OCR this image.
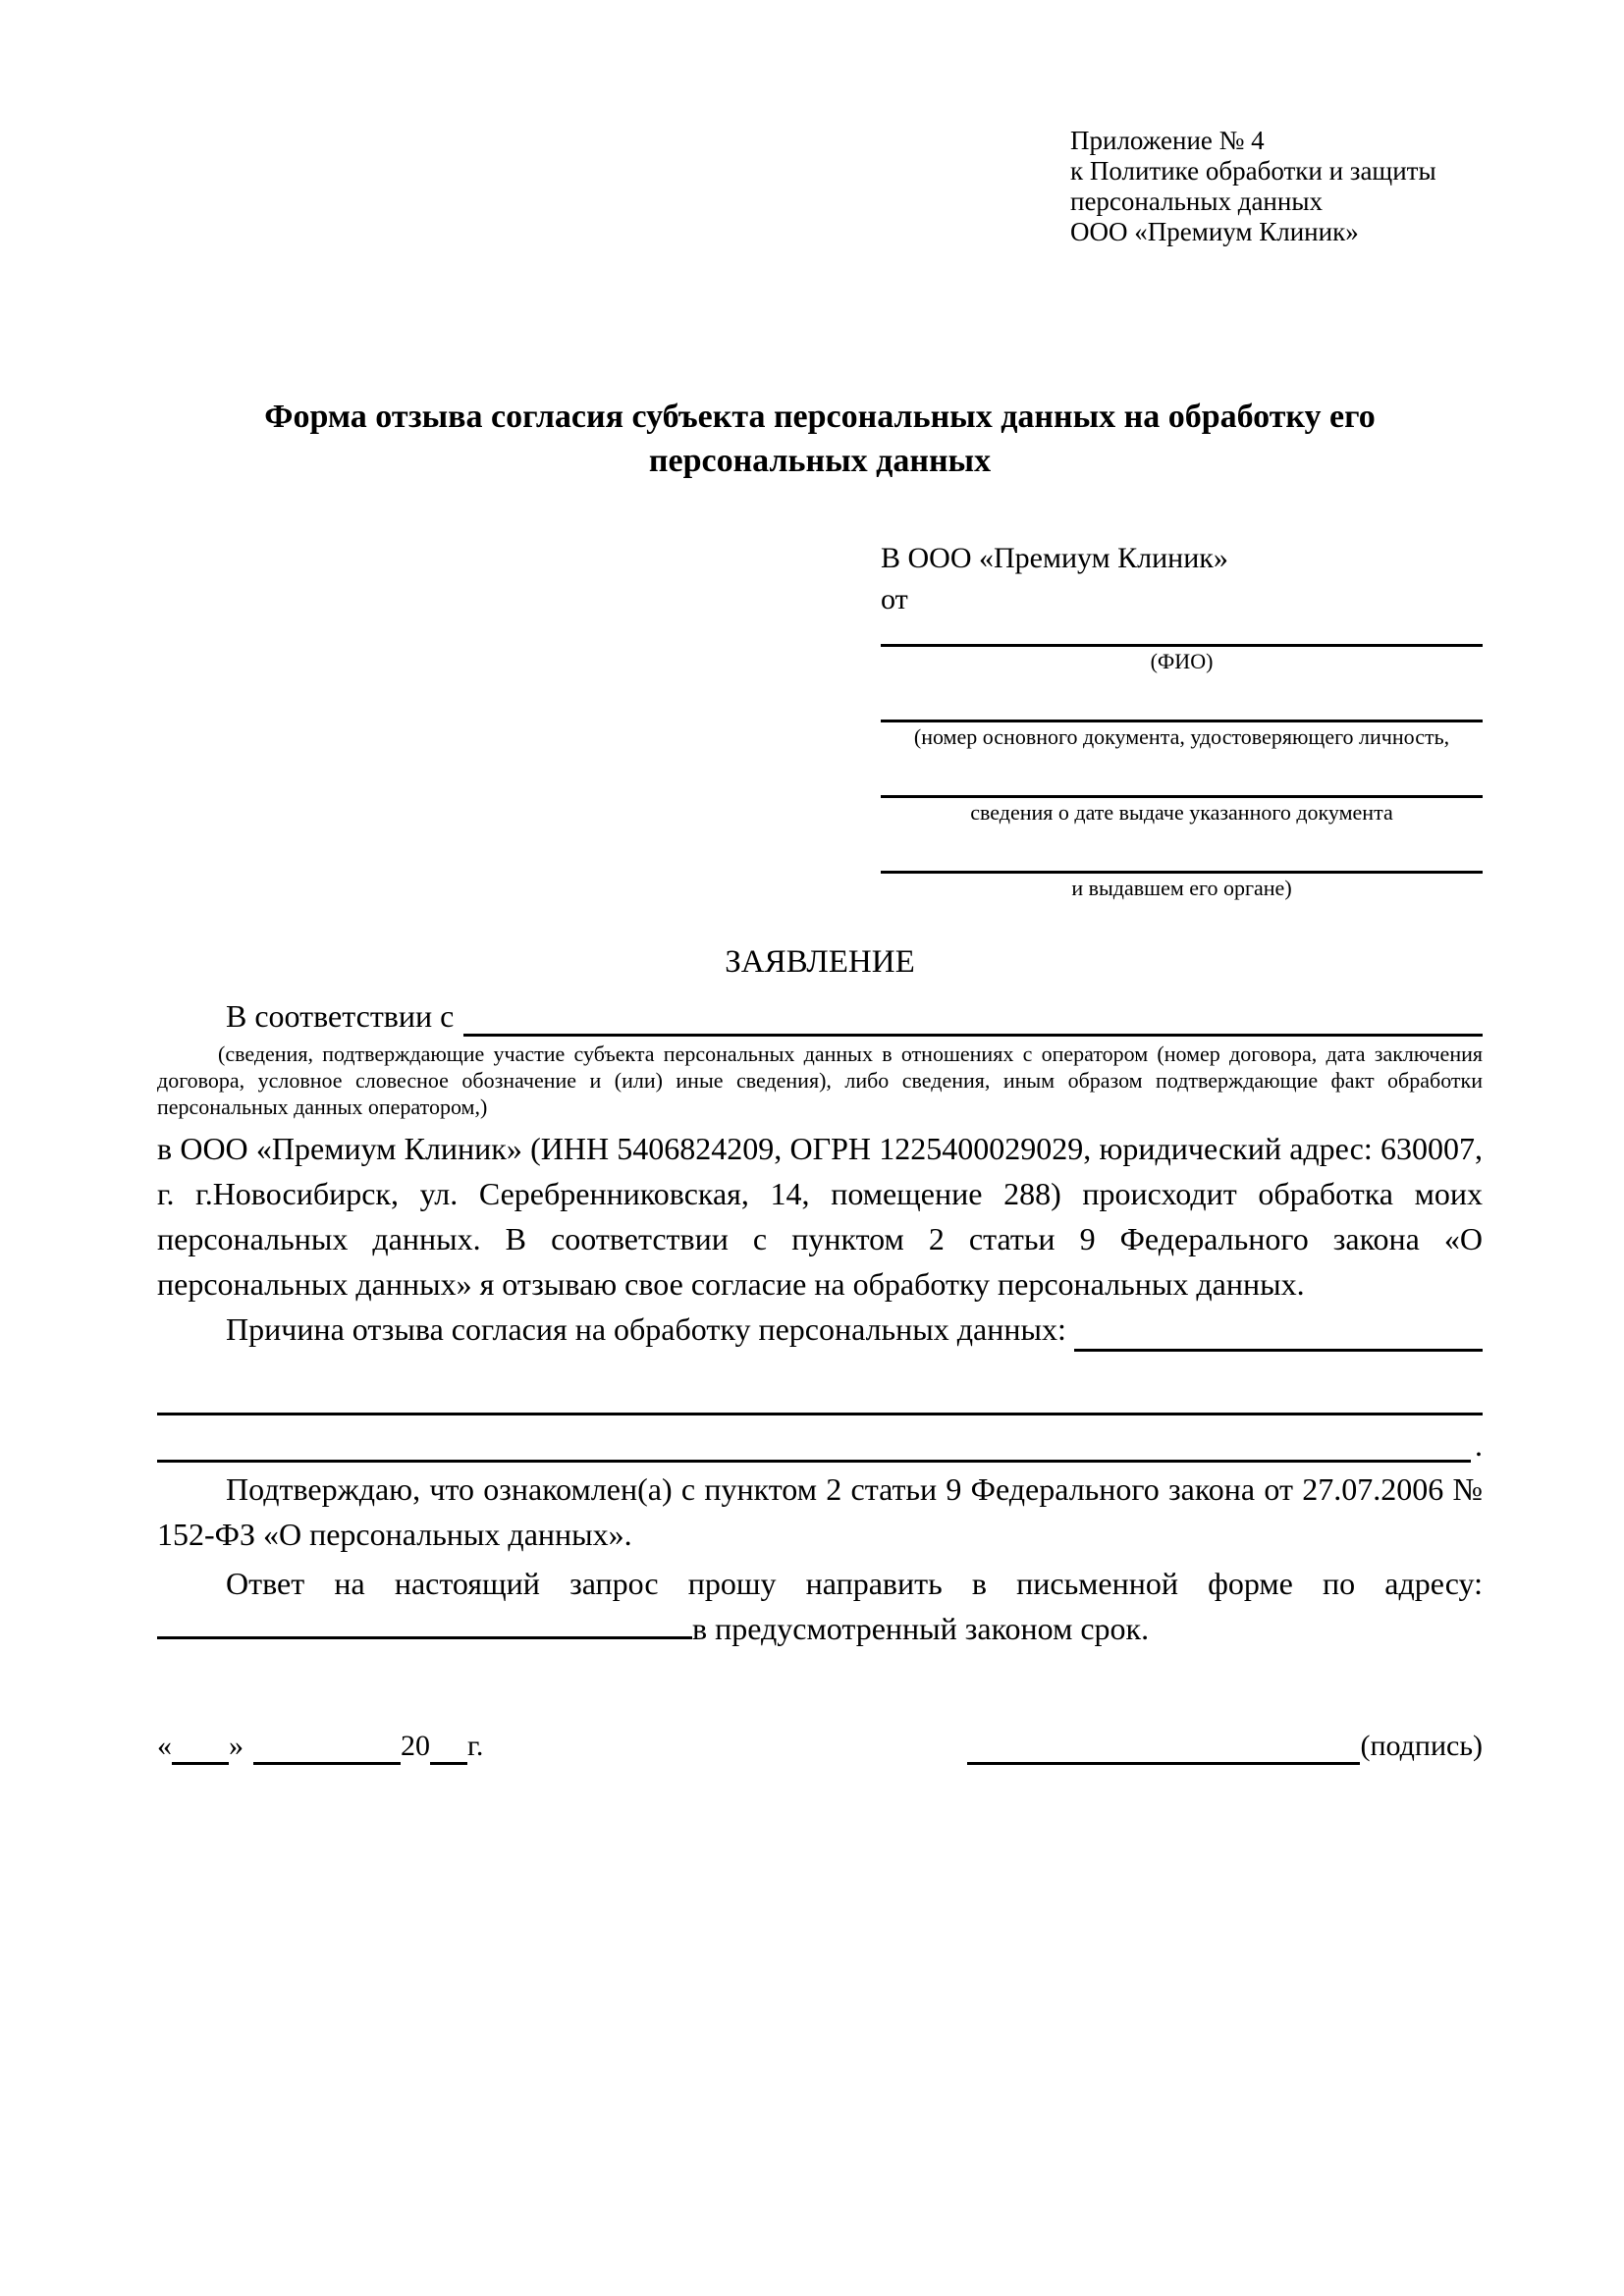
Приложение № 4
к Политике обработки и защиты
персональных данных
ООО «Премиум Клиник»
Форма отзыва согласия субъекта персональных данных на обработку его персональных данных
В ООО «Премиум Клиник»
от
(ФИО)
(номер основного документа, удостоверяющего личность,
сведения о дате выдаче указанного документа
и выдавшем его органе)
ЗАЯВЛЕНИЕ
В соответствии с
(сведения, подтверждающие участие субъекта персональных данных в отношениях с оператором (номер договора, дата заключения договора, условное словесное обозначение и (или) иные сведения), либо сведения, иным образом подтверждающие факт обработки персональных данных оператором,)

в ООО «Премиум Клиник» (ИНН 5406824209, ОГРН 1225400029029, юридический адрес: 630007, г. г.Новосибирск, ул. Серебренниковская, 14, помещение 288) происходит обработка моих персональных данных. В соответствии с пунктом 2 статьи 9 Федерального закона «О персональных данных» я отзываю свое согласие на обработку персональных данных.

Причина отзыва согласия на обработку персональных данных:
.

Подтверждаю, что ознакомлен(а) с пунктом 2 статьи 9 Федерального закона от 27.07.2006 № 152-ФЗ «О персональных данных».

Ответ на настоящий запрос прошу направить в письменной форме по адресу: в предусмотренный законом срок.

« »	20 г.	(подпись)
